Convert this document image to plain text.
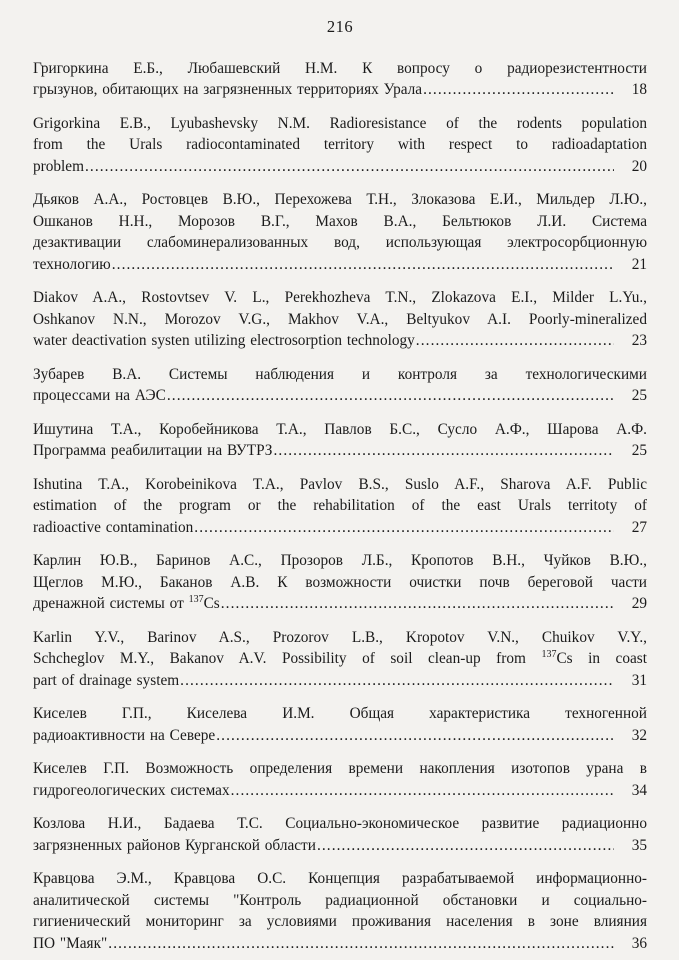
216
Григоркина Е.Б., Любашевский Н.М. К вопросу о радиорезистентности
грызунов, обитающих на загрязненных территориях Урала .....	18
Grigorkina E.B., Lyubashevsky N.M. Radioresistance of the rodents population
from the Urals radiocontaminated territory with respect to radioadaptation
problem .....	20
Дьяков А.А., Ростовцев В.Ю., Перехожева Т.Н., Злоказова Е.И., Мильдер Л.Ю.,
Ошканов Н.Н., Морозов В.Г., Махов В.А., Бельтюков Л.И. Система
дезактивации слабоминерализованных вод, использующая электросорбционную
технологию .....	21
Diakov A.A., Rostovtsev V. L., Perekhozheva T.N., Zlokazova E.I., Milder L.Yu.,
Oshkanov N.N., Morozov V.G., Makhov V.A., Beltyukov A.I. Poorly-mineralized
water deactivation systen utilizing electrosorption technology .....	23
Зубарев В.А. Системы наблюдения и контроля за технологическими
процессами на АЭС .....	25
Ишутина Т.А., Коробейникова Т.А., Павлов Б.С., Сусло А.Ф., Шарова А.Ф.
Программа реабилитации на ВУТРЗ .....	25
Ishutina T.A., Korobeinikova T.A., Pavlov B.S., Suslo A.F., Sharova A.F. Public
estimation of the program or the rehabilitation of the east Urals territoty of
radioactive contamination .....	27
Карлин Ю.В., Баринов А.С., Прозоров Л.Б., Кропотов В.Н., Чуйков В.Ю.,
Щеглов М.Ю., Баканов А.В. К возможности очистки почв береговой части
дренажной системы от $^{137}$Cs .....	29
Karlin Y.V., Barinov A.S., Prozorov L.B., Kropotov V.N., Chuikov V.Y.,
Schcheglov M.Y., Bakanov A.V. Possibility of soil clean-up from $^{137}$Cs in coast
part of drainage system .....	31
Киселев Г.П., Киселева И.М. Общая характеристика техногенной
радиоактивности на Севере .....	32
Киселев Г.П. Возможность определения времени накопления изотопов урана в
гидрогеологических системах .....	34
Козлова Н.И., Бадаева Т.С. Социально-экономическое развитие радиационно
загрязненных районов Курганской области .....	35
Кравцова Э.М., Кравцова О.С. Концепция разрабатываемой информационно-
аналитической системы "Контроль радиационной обстановки и социально-
гигиенический мониторинг за условиями проживания населения в зоне влияния
ПО "Маяк" .....	36
